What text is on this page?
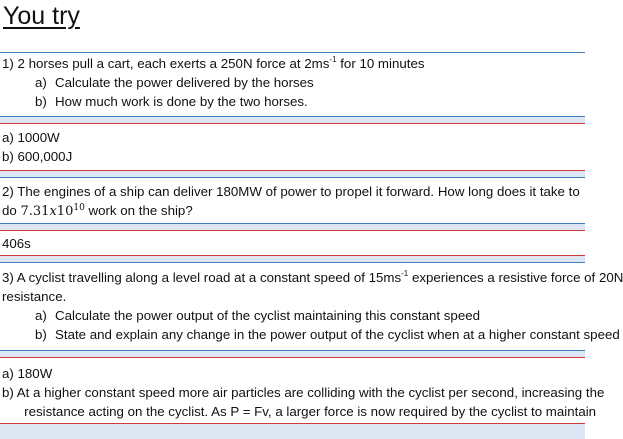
You try
1) 2 horses pull a cart, each exerts a 250N force at $2ms^{-1}$ for 10 minutes
a) Calculate the power delivered by the horses
b) How much work is done by the two horses.
a) 1000W
b) 600,000J
2) The engines of a ship can deliver 180MW of power to propel it forward. How long does it take to
do $7.31x10^{10}$ work on the ship?
406s
3) A cyclist travelling along a level road at a constant speed of $15ms^{-1}$ experiences a resistive force of 20N
resistance.
a) Calculate the power output of the cyclist maintaining this constant speed
b) State and explain any change in the power output of the cyclist when at a higher constant speed
a) 180W
b) At a higher constant speed more air particles are colliding with the cyclist per second, increasing the
resistance acting on the cyclist. As P = Fv, a larger force is now required by the cyclist to maintain
